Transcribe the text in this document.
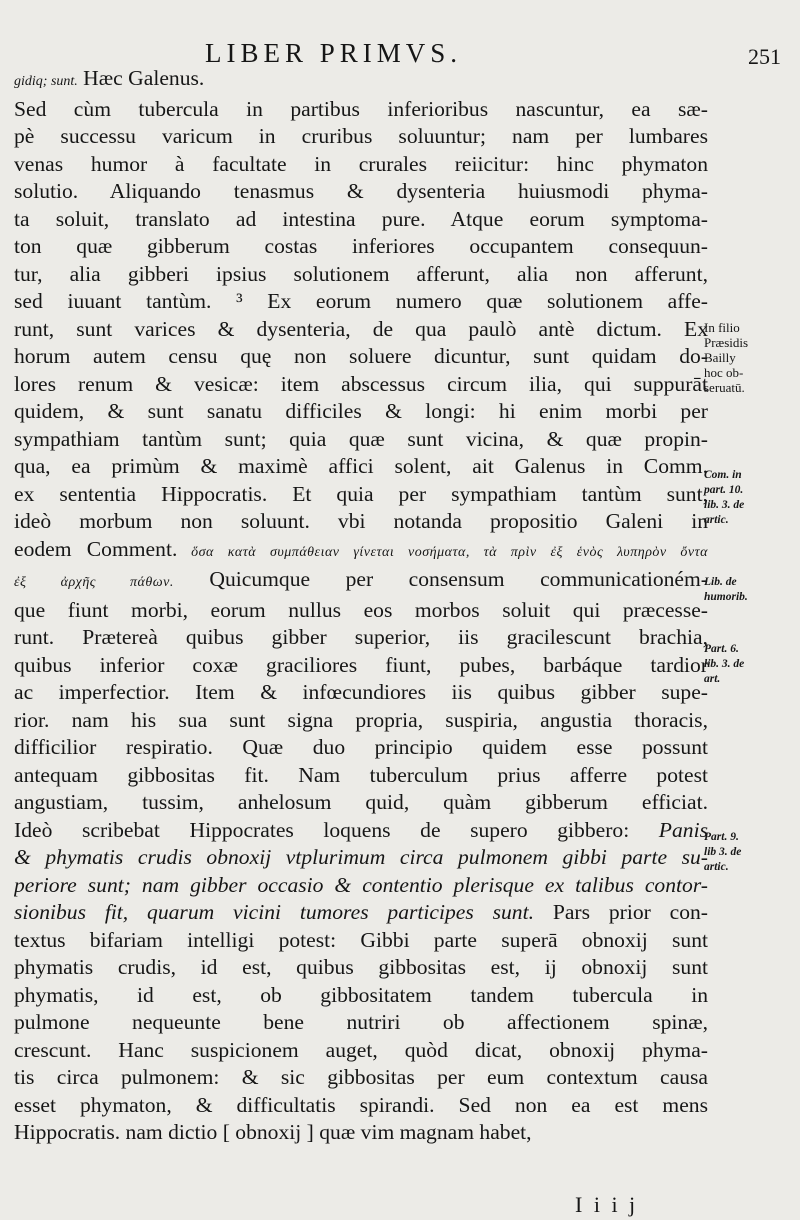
LIBER PRIMVS.	251
gidiq; sunt. Hæc Galenus.
Sed cùm tubercula in partibus inferioribus nascuntur, ea sæ-
pè successu varicum in cruribus soluuntur; nam per lumbares
venas humor à facultate in crurales reiicitur: hinc phymaton
solutio. Aliquando tenasmus & dysenteria huiusmodi phyma-
ta soluit, translato ad intestina pure. Atque eorum symptoma-
ton quæ gibberum costas inferiores occupantem consequun-
tur, alia gibberi ipsius solutionem afferunt, alia non afferunt,
sed iuuant tantùm. ³ Ex eorum numero quæ solutionem affe-
runt, sunt varices & dysenteria, de qua paulò antè dictum. Ex
horum autem censu quę non soluere dicuntur, sunt quidam do-
lores renum & vesicæ: item abscessus circum ilia, qui suppurāt
quidem, & sunt sanatu difficiles & longi: hi enim morbi per
sympathiam tantùm sunt; quia quæ sunt vicina, & quæ propin-
qua, ea primùm & maximè affici solent, ait Galenus in Comm.
ex sententia Hippocratis. Et quia per sympathiam tantùm sunt,
ideò morbum non soluunt. vbi notanda propositio Galeni in
eodem Comment. ὅσα κατὰ συμπάθειαν γίνεται νοσήματα, τὰ πρὶν ἐξ ἑνὸς λυπηρὸν ὄντα
ἐξ ἀρχῆς πάθων. Quicumque per consensum communicationém-
que fiunt morbi, eorum nullus eos morbos soluit qui præcesse-
runt. Prætereà quibus gibber superior, iis gracilescunt brachia,
quibus inferior coxæ graciliores fiunt, pubes, barbáque tardior
ac imperfectior. Item & infœcundiores iis quibus gibber supe-
rior. nam his sua sunt signa propria, suspiria, angustia thoracis,
difficilior respiratio. Quæ duo principio quidem esse possunt
antequam gibbositas fit. Nam tuberculum prius afferre potest
angustiam, tussim, anhelosum quid, quàm gibberum efficiat.
Ideò scribebat Hippocrates loquens de supero gibbero: Panis
& phymatis crudis obnoxij vtplurimum circa pulmonem gibbi parte su-
periore sunt; nam gibber occasio & contentio plerisque ex talibus contor-
sionibus fit, quarum vicini tumores participes sunt. Pars prior con-
textus bifariam intelligi potest: Gibbi parte superā obnoxij sunt
phymatis crudis, id est, quibus gibbositas est, ij obnoxij sunt
phymatis, id est, ob gibbositatem tandem tubercula in
pulmone nequeunte bene nutriri ob affectionem spinæ,
crescunt. Hanc suspicionem auget, quòd dicat, obnoxij phyma-
tis circa pulmonem: & sic gibbositas per eum contextum causa
esset phymaton, & difficultatis spirandi. Sed non ea est mens
Hippocratis. nam dictio [ obnoxij ] quæ vim magnam habet,
In filio
Præsidis
Bailly
hoc ob-
seruatū.
Com. in
part. 10.
lib. 3. de
artic.
Lib. de
humorib.
Part. 6.
lib. 3. de
art.
Part. 9.
lib 3. de
artic.
I i i j
